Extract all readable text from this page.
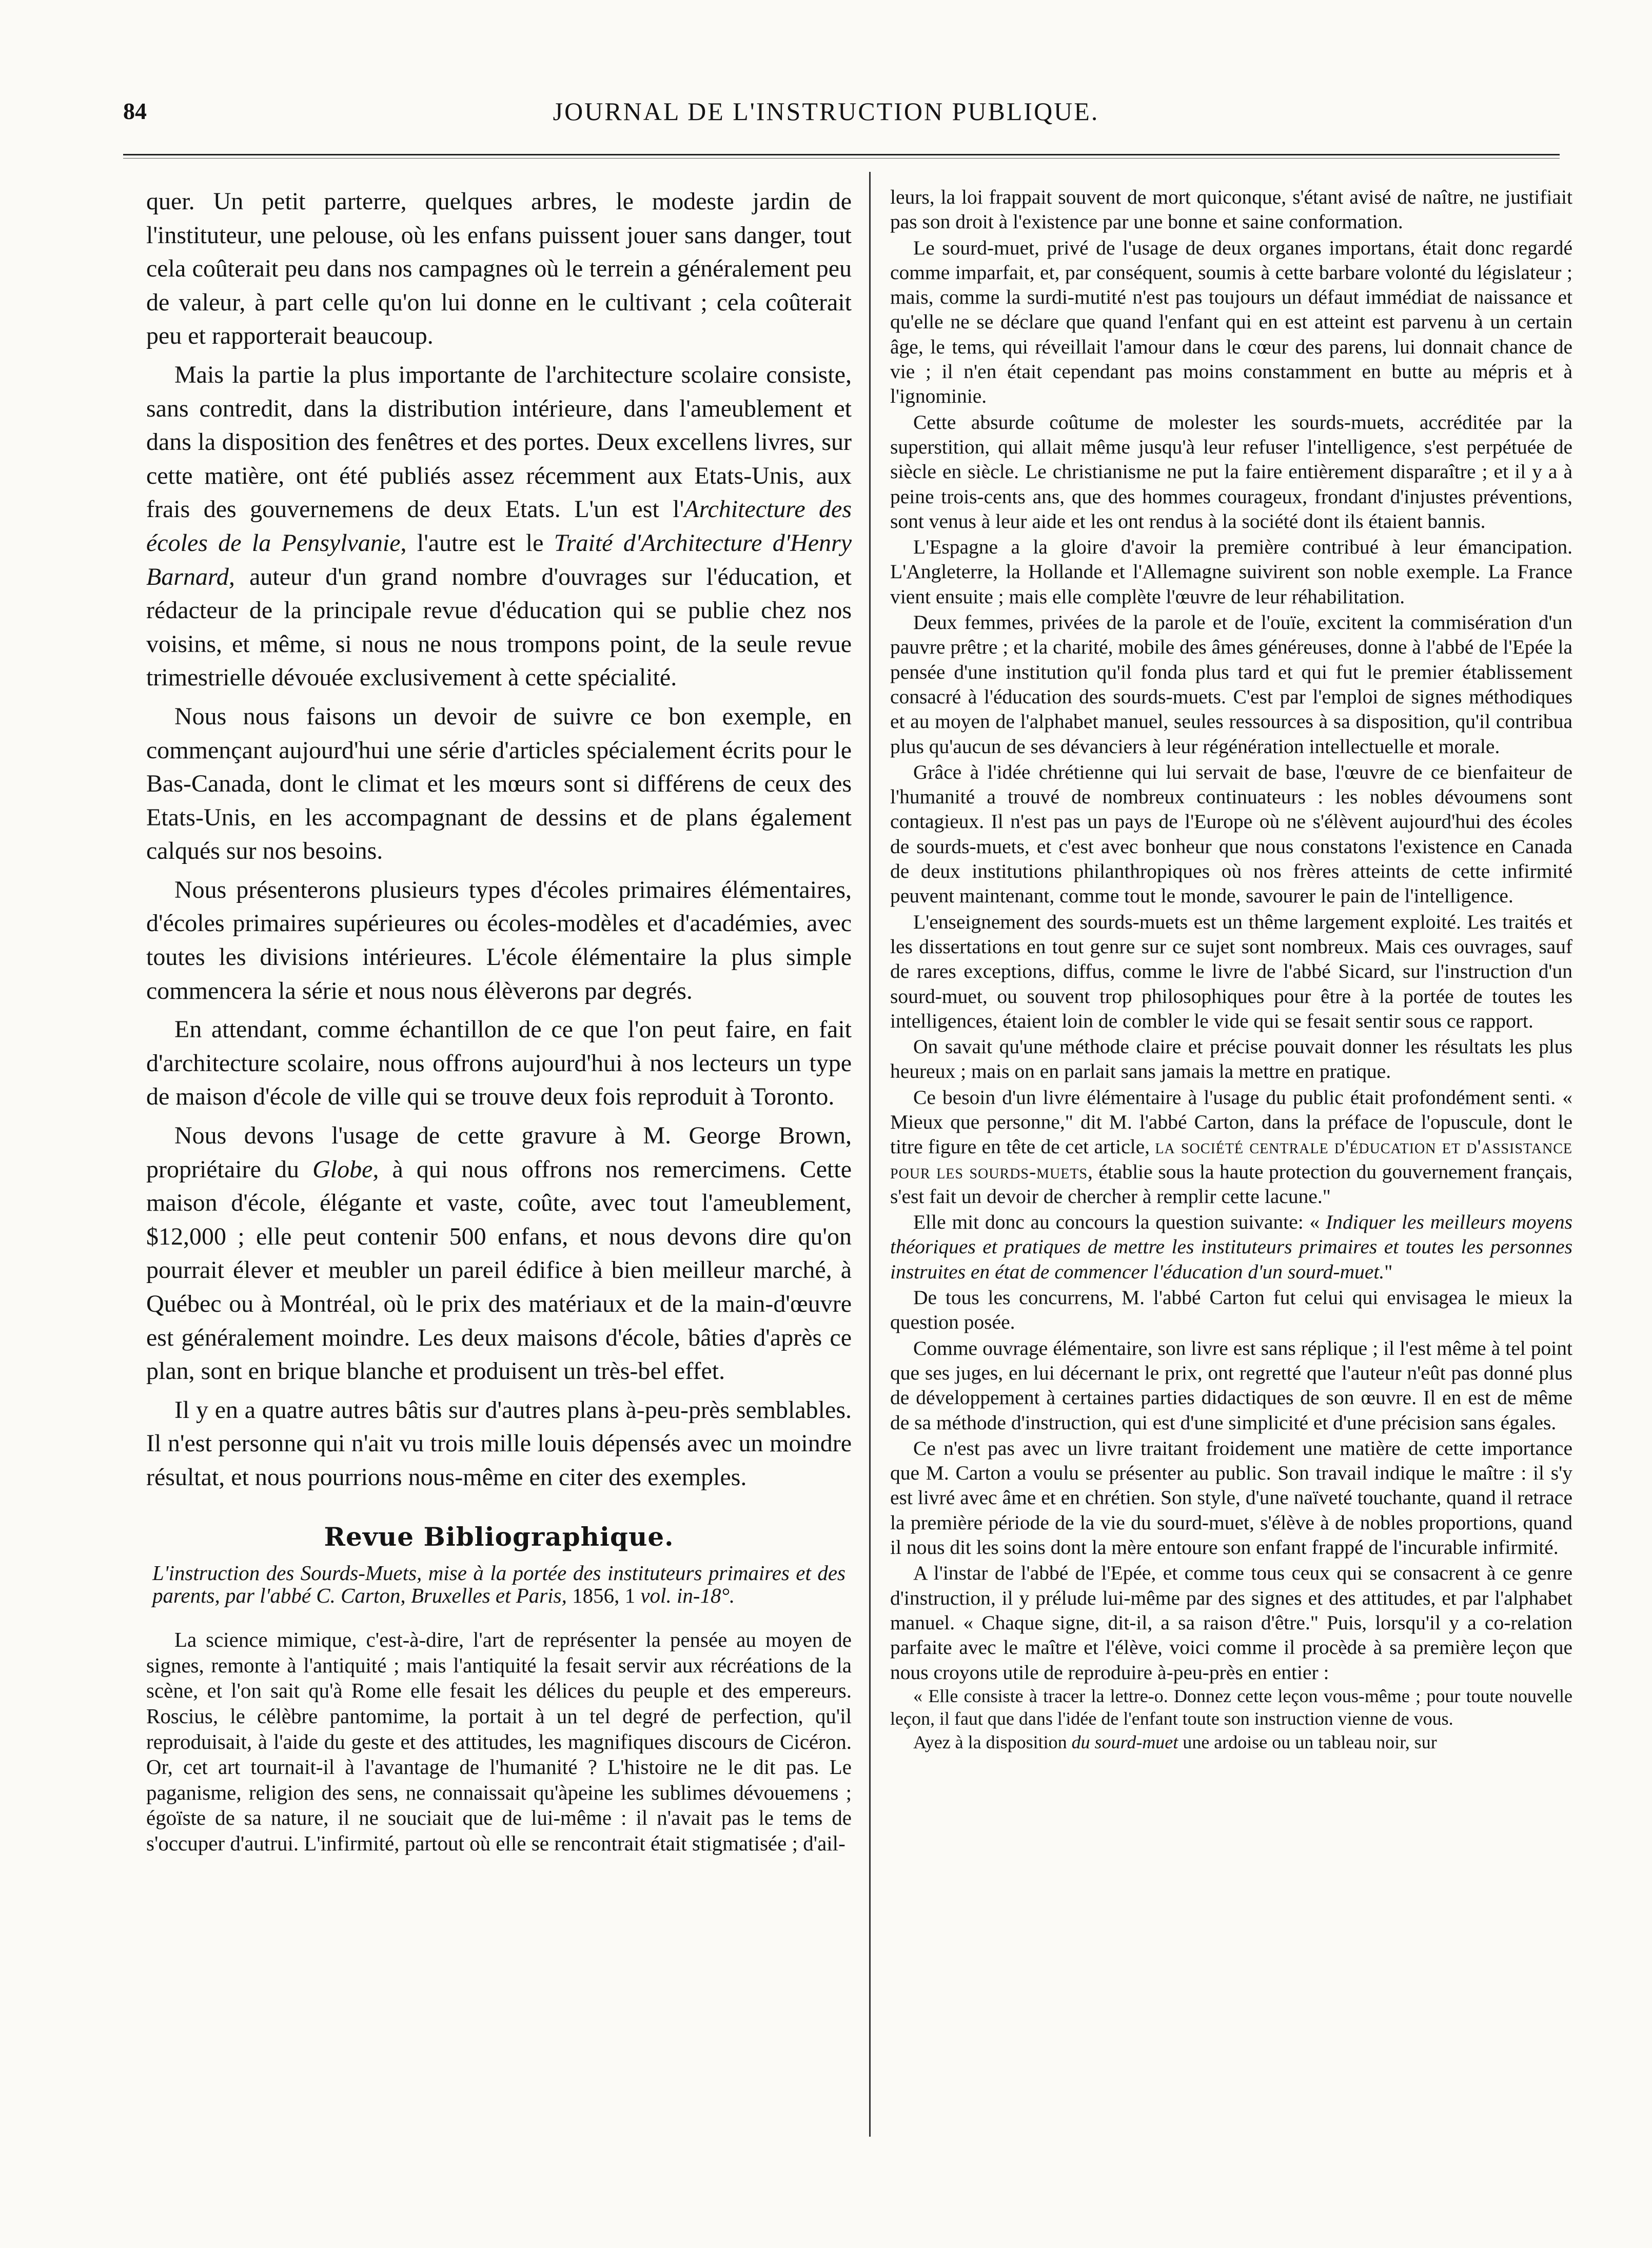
84	JOURNAL DE L'INSTRUCTION PUBLIQUE.

quer. Un petit parterre, quelques arbres, le modeste jardin de l'instituteur, une pelouse, où les enfans puissent jouer sans danger, tout cela coûterait peu dans nos campagnes où le terrein a généralement peu de valeur, à part celle qu'on lui donne en le cultivant ; cela coûterait peu et rapporterait beaucoup.

Mais la partie la plus importante de l'architecture scolaire consiste, sans contredit, dans la distribution intérieure, dans l'ameublement et dans la disposition des fenêtres et des portes. Deux excellens livres, sur cette matière, ont été publiés assez récemment aux Etats-Unis, aux frais des gouvernemens de deux Etats. L'un est l'Architecture des écoles de la Pensylvanie, l'autre est le Traité d'Architecture d'Henry Barnard, auteur d'un grand nombre d'ouvrages sur l'éducation, et rédacteur de la principale revue d'éducation qui se publie chez nos voisins, et même, si nous ne nous trompons point, de la seule revue trimestrielle dévouée exclusivement à cette spécialité.

Nous nous faisons un devoir de suivre ce bon exemple, en commençant aujourd'hui une série d'articles spécialement écrits pour le Bas-Canada, dont le climat et les mœurs sont si différens de ceux des Etats-Unis, en les accompagnant de dessins et de plans également calqués sur nos besoins.

Nous présenterons plusieurs types d'écoles primaires élémentaires, d'écoles primaires supérieures ou écoles-modèles et d'académies, avec toutes les divisions intérieures. L'école élémentaire la plus simple commencera la série et nous nous élèverons par degrés.

En attendant, comme échantillon de ce que l'on peut faire, en fait d'architecture scolaire, nous offrons aujourd'hui à nos lecteurs un type de maison d'école de ville qui se trouve deux fois reproduit à Toronto.

Nous devons l'usage de cette gravure à M. George Brown, propriétaire du Globe, à qui nous offrons nos remercimens. Cette maison d'école, élégante et vaste, coûte, avec tout l'ameublement, $12,000 ; elle peut contenir 500 enfans, et nous devons dire qu'on pourrait élever et meubler un pareil édifice à bien meilleur marché, à Québec ou à Montréal, où le prix des matériaux et de la main-d'œuvre est généralement moindre. Les deux maisons d'école, bâties d'après ce plan, sont en brique blanche et produisent un très-bel effet.

Il y en a quatre autres bâtis sur d'autres plans à-peu-près semblables. Il n'est personne qui n'ait vu trois mille louis dépensés avec un moindre résultat, et nous pourrions nous-même en citer des exemples.

Revue Bibliographique.
L'instruction des Sourds-Muets, mise à la portée des instituteurs primaires et des parents, par l'abbé C. Carton, Bruxelles et Paris, 1856, 1 vol. in-18°.

La science mimique, c'est-à-dire, l'art de représenter la pensée au moyen de signes, remonte à l'antiquité ; mais l'antiquité la fesait servir aux récréations de la scène, et l'on sait qu'à Rome elle fesait les délices du peuple et des empereurs. Roscius, le célèbre pantomime, la portait à un tel degré de perfection, qu'il reproduisait, à l'aide du geste et des attitudes, les magnifiques discours de Cicéron. Or, cet art tournait-il à l'avantage de l'humanité ? L'histoire ne le dit pas. Le paganisme, religion des sens, ne connaissait qu'àpeine les sublimes dévouemens ; égoïste de sa nature, il ne souciait que de lui-même : il n'avait pas le tems de s'occuper d'autrui. L'infirmité, partout où elle se rencontrait était stigmatisée ; d'ail-

leurs, la loi frappait souvent de mort quiconque, s'étant avisé de naître, ne justifiait pas son droit à l'existence par une bonne et saine conformation.

Le sourd-muet, privé de l'usage de deux organes importans, était donc regardé comme imparfait, et, par conséquent, soumis à cette barbare volonté du législateur ; mais, comme la surdi-mutité n'est pas toujours un défaut immédiat de naissance et qu'elle ne se déclare que quand l'enfant qui en est atteint est parvenu à un certain âge, le tems, qui réveillait l'amour dans le cœur des parens, lui donnait chance de vie ; il n'en était cependant pas moins constamment en butte au mépris et à l'ignominie.

Cette absurde coûtume de molester les sourds-muets, accréditée par la superstition, qui allait même jusqu'à leur refuser l'intelligence, s'est perpétuée de siècle en siècle. Le christianisme ne put la faire entièrement disparaître ; et il y a à peine trois-cents ans, que des hommes courageux, frondant d'injustes préventions, sont venus à leur aide et les ont rendus à la société dont ils étaient bannis.

L'Espagne a la gloire d'avoir la première contribué à leur émancipation. L'Angleterre, la Hollande et l'Allemagne suivirent son noble exemple. La France vient ensuite ; mais elle complète l'œuvre de leur réhabilitation.

Deux femmes, privées de la parole et de l'ouïe, excitent la commisération d'un pauvre prêtre ; et la charité, mobile des âmes généreuses, donne à l'abbé de l'Epée la pensée d'une institution qu'il fonda plus tard et qui fut le premier établissement consacré à l'éducation des sourds-muets. C'est par l'emploi de signes méthodiques et au moyen de l'alphabet manuel, seules ressources à sa disposition, qu'il contribua plus qu'aucun de ses dévanciers à leur régénération intellectuelle et morale.

Grâce à l'idée chrétienne qui lui servait de base, l'œuvre de ce bienfaiteur de l'humanité a trouvé de nombreux continuateurs : les nobles dévoumens sont contagieux. Il n'est pas un pays de l'Europe où ne s'élèvent aujourd'hui des écoles de sourds-muets, et c'est avec bonheur que nous constatons l'existence en Canada de deux institutions philanthropiques où nos frères atteints de cette infirmité peuvent maintenant, comme tout le monde, savourer le pain de l'intelligence.

L'enseignement des sourds-muets est un thême largement exploité. Les traités et les dissertations en tout genre sur ce sujet sont nombreux. Mais ces ouvrages, sauf de rares exceptions, diffus, comme le livre de l'abbé Sicard, sur l'instruction d'un sourd-muet, ou souvent trop philosophiques pour être à la portée de toutes les intelligences, étaient loin de combler le vide qui se fesait sentir sous ce rapport.

On savait qu'une méthode claire et précise pouvait donner les résultats les plus heureux ; mais on en parlait sans jamais la mettre en pratique.

Ce besoin d'un livre élémentaire à l'usage du public était profondément senti. « Mieux que personne," dit M. l'abbé Carton, dans la préface de l'opuscule, dont le titre figure en tête de cet article, la société centrale d'éducation et d'assistance pour les sourds-muets, établie sous la haute protection du gouvernement français, s'est fait un devoir de chercher à remplir cette lacune."

Elle mit donc au concours la question suivante: « Indiquer les meilleurs moyens théoriques et pratiques de mettre les instituteurs primaires et toutes les personnes instruites en état de commencer l'éducation d'un sourd-muet."

De tous les concurrens, M. l'abbé Carton fut celui qui envisagea le mieux la question posée.

Comme ouvrage élémentaire, son livre est sans réplique ; il l'est même à tel point que ses juges, en lui décernant le prix, ont regretté que l'auteur n'eût pas donné plus de développement à certaines parties didactiques de son œuvre. Il en est de même de sa méthode d'instruction, qui est d'une simplicité et d'une précision sans égales.

Ce n'est pas avec un livre traitant froidement une matière de cette importance que M. Carton a voulu se présenter au public. Son travail indique le maître : il s'y est livré avec âme et en chrétien. Son style, d'une naïveté touchante, quand il retrace la première période de la vie du sourd-muet, s'élève à de nobles proportions, quand il nous dit les soins dont la mère entoure son enfant frappé de l'incurable infirmité.

A l'instar de l'abbé de l'Epée, et comme tous ceux qui se consacrent à ce genre d'instruction, il y prélude lui-même par des signes et des attitudes, et par l'alphabet manuel. « Chaque signe, dit-il, a sa raison d'être." Puis, lorsqu'il y a co-relation parfaite avec le maître et l'élève, voici comme il procède à sa première leçon que nous croyons utile de reproduire à-peu-près en entier :

« Elle consiste à tracer la lettre-o. Donnez cette leçon vous-même ; pour toute nouvelle leçon, il faut que dans l'idée de l'enfant toute son instruction vienne de vous.

Ayez à la disposition du sourd-muet une ardoise ou un tableau noir, sur
